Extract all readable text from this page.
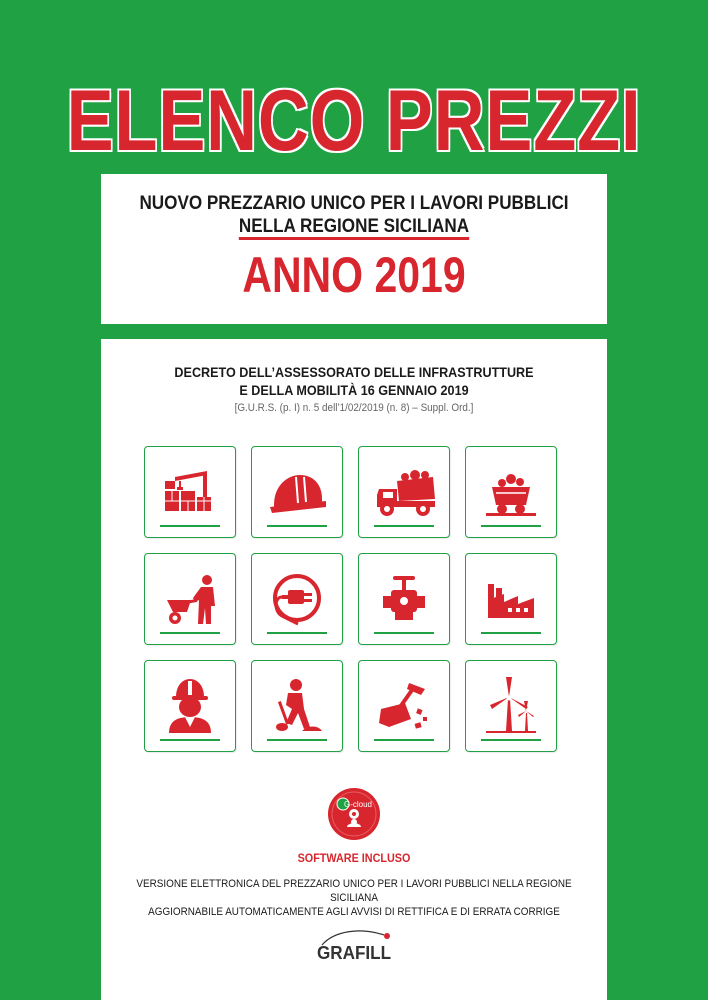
ELENCO PREZZI
NUOVO PREZZARIO UNICO PER I LAVORI PUBBLICI
NELLA REGIONE SICILIANA
ANNO 2019
DECRETO DELL’ASSESSORATO DELLE INFRASTRUTTURE
E DELLA MOBILITÀ 16 GENNAIO 2019
[G.U.R.S. (p. I) n. 5 dell’1/02/2019 (n. 8) – Suppl. Ord.]
G-cloud
SOFTWARE INCLUSO
VERSIONE ELETTRONICA DEL PREZZARIO UNICO PER I LAVORI PUBBLICI NELLA REGIONE SICILIANA
AGGIORNABILE AUTOMATICAMENTE AGLI AVVISI DI RETTIFICA E DI ERRATA CORRIGE
GRAFILL
